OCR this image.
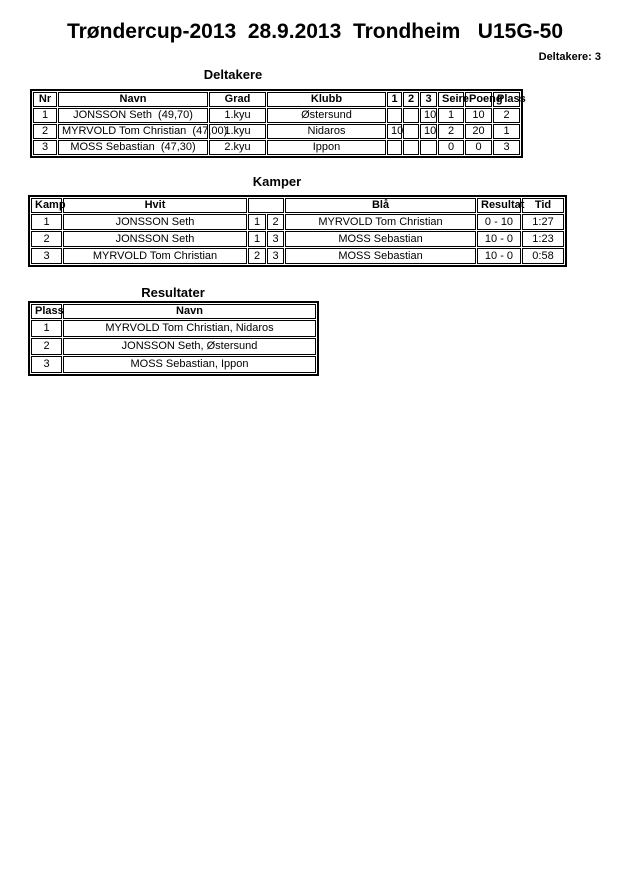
Trøndercup-2013  28.9.2013  Trondheim   U15G-50
Deltakere: 3
Deltakere
Nr	Navn	Grad	Klubb	1	2	3	Seire	Poeng	Plass
1	JONSSON Seth  (49,70)	1.kyu	Østersund			10	1	10	2
2	MYRVOLD Tom Christian  (47,00)	1.kyu	Nidaros	10		10	2	20	1
3	MOSS Sebastian  (47,30)	2.kyu	Ippon				0	0	3
Kamper
Kamp	Hvit			Blå	Resultat	Tid
1	JONSSON Seth	1	2	MYRVOLD Tom Christian	0 - 10	1:27
2	JONSSON Seth	1	3	MOSS Sebastian	10 - 0	1:23
3	MYRVOLD Tom Christian	2	3	MOSS Sebastian	10 - 0	0:58
Resultater
Plass	Navn
1	MYRVOLD Tom Christian, Nidaros
2	JONSSON Seth, Østersund
3	MOSS Sebastian, Ippon
